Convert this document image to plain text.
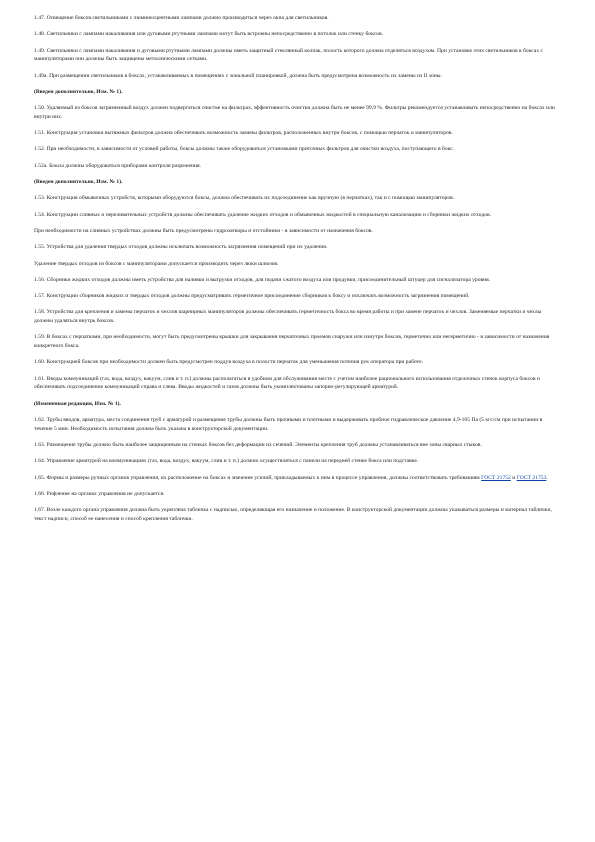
1.47. Освещение боксов светильниками с люминесцентными лампами должно производиться через окна для светильников.

1.48. Светильники с лампами накаливания или дуговыми ртутными лампами могут быть встроены непосредственно в потолок или стенку боксов.

1.49. Светильники с лампами накаливания и дуговыми ртутными лампами должны иметь защитный стеклянный колпак, полость которого должна отделяться воздухом. При установке этих светильников в боксах с манипуляторами они должны быть защищены металлическими сетками.

1.49а. При размещении светильников в боксах, устанавливаемых в помещениях с зональной планировкой, должна быть предусмотрена возможность их замены из II зоны.

(Введен дополнительно, Изм. № 1).

1.50. Удаляемый из боксов загрязненный воздух должен подвергаться очистке на фильтрах, эффективность очистки должна быть не менее 99,9 %. Фильтры рекомендуется устанавливать непосредственно на боксах или внутри них.

1.51. Конструкция установки вытяжных фильтров должна обеспечивать возможность замены фильтров, расположенных внутри боксов, с помощью перчаток и манипуляторов.

1.52. При необходимости, в зависимости от условий работы, боксы должны также оборудоваться установками приточных фильтров для очистки воздуха, поступающего в бокс.

1.52а. Боксы должны оборудоваться приборами контроля разрежения.

(Введен дополнительно, Изм. № 1).

1.53. Конструкция обмывочных устройств, которыми оборудуются боксы, должна обеспечивать их подсоединение как вручную (в перчатках), так и с помощью манипуляторов.

1.54. Конструкции сливных и переливательных устройств должны обеспечивать удаление жидких отходов и обмывочных жидкостей в специальную канализацию и сборники жидких отходов.

При необходимости на сливных устройствах должны быть предусмотрены гидрозатворы и отстойники - в зависимости от назначения боксов.

1.55. Устройства для удаления твердых отходов должны исключать возможность загрязнения помещений при их удалении.

Удаление твердых отходов из боксов с манипуляторами допускается производить через люки шлюзов.

1.56. Сборники жидких отходов должны иметь устройства для наливки и выгрузки отходов, для подачи сжатого воздуха или продувки, присоединительный штуцер для сигнализатора уровня.

1.57. Конструкции сборников жидких и твердых отходов должны предусматривать герметичное присоединение сборников к боксу и исключать возможность загрязнения помещений.

1.58. Устройства для крепления и замены перчаток и чехлов шарнирных манипуляторов должны обеспечивать герметичность бокса во время работы и при замене перчаток и чехлов. Заменяемые перчатки и чехлы должны удаляться внутрь боксов.

1.59. В боксах с перчатками, при необходимости, могут быть предусмотрены крышки для закрывания перчаточных проемов снаружи или изнутри боксов, герметично или негерметично - в зависимости от назначения конкретного бокса.

1.60. Конструкцией боксов при необходимости должен быть предусмотрен поддув воздуха в полости перчаток для уменьшения потения рук оператора при работе.

1.61. Вводы коммуникаций (газ, вода, воздух, вакуум, слив и т. п.) должны располагаться в удобном для обслуживания месте с учетом наиболее рационального использования отделочных стенок корпуса боксов и обеспечивать подсоединение коммуникаций справа и слева. Вводы жидкостей и газов должны быть укомплектованы запорно-регулирующей арматурой.

(Измененная редакция, Изм. № 1).

1.62. Трубы вводов, арматура, места соединения труб с арматурой и размещение трубы должны быть прочными и плотными и выдерживать пробное гидравлическое давление 4,9-105 Па (5 кгс/см при испытании в течение 5 мин. Необходимость испытания должна быть указана в конструкторской документации.

1.63. Размещение трубы должно быть наиболее защищенным на стенках боксов без деформации их сечений. Элементы крепления труб должны устанавливаться вне зоны сварных стыков.

1.64. Управление арматурой на коммуникациях (газ, вода, воздух, вакуум, слив и т. п.) должно осуществляться с панели на передней стенке бокса или подставке.

1.65. Формы и размеры ручных органов управления, их расположение на боксах и значение усилий, прикладываемых к ним в процессе управления, должны соответствовать требованиям ГОСТ 21752 и ГОСТ 21753.

1.66. Рифление на органах управления не допускается.

1.67. Возле каждого органа управления должна быть укреплена табличка с надписью, определяющая его назначение и положение. В конструкторской документации должны указываться размеры и материал таблички, текст надписи, способ ее нанесения и способ крепления таблички.
